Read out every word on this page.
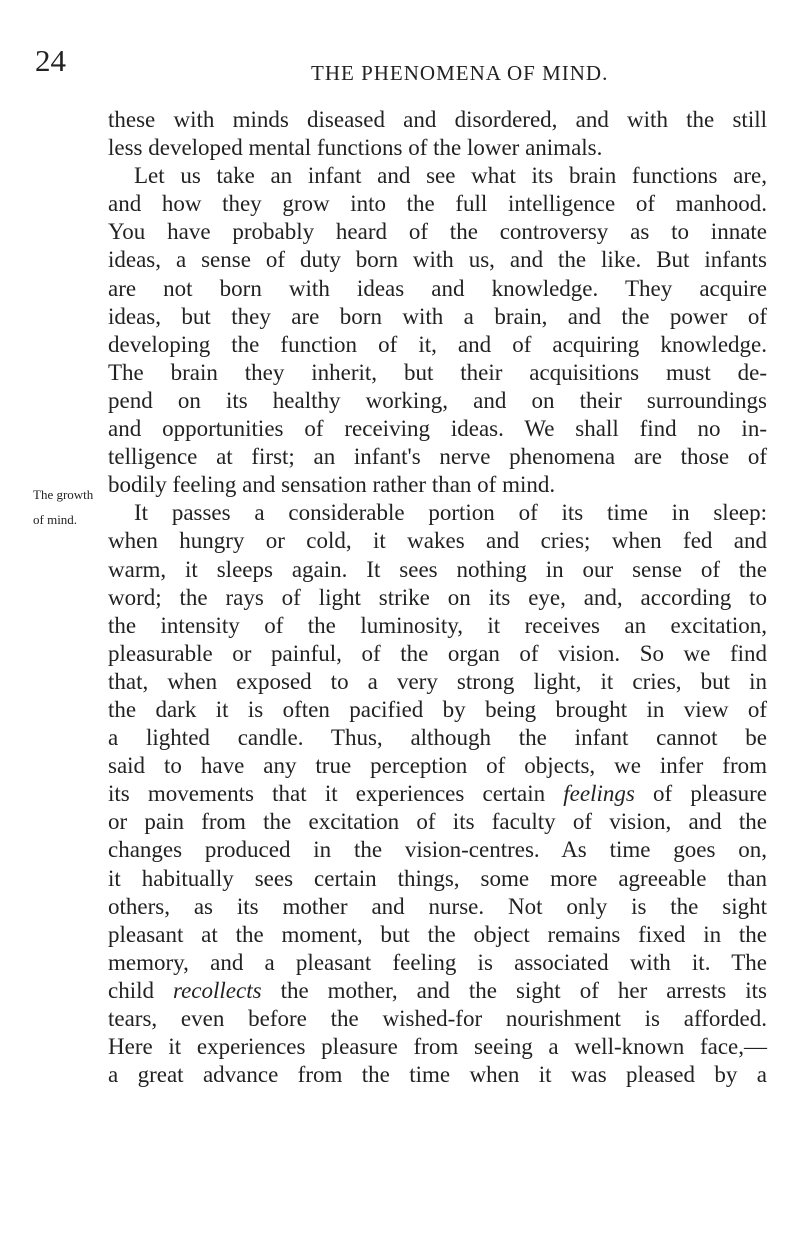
24	THE PHENOMENA OF MIND.
The growth
of mind.
these with minds diseased and disordered, and with the still
less developed mental functions of the lower animals.
Let us take an infant and see what its brain functions are,
and how they grow into the full intelligence of manhood.
You have probably heard of the controversy as to innate
ideas, a sense of duty born with us, and the like. But infants
are not born with ideas and knowledge. They acquire
ideas, but they are born with a brain, and the power of
developing the function of it, and of acquiring knowledge.
The brain they inherit, but their acquisitions must de-
pend on its healthy working, and on their surroundings
and opportunities of receiving ideas. We shall find no in-
telligence at first; an infant's nerve phenomena are those of
bodily feeling and sensation rather than of mind.
It passes a considerable portion of its time in sleep:
when hungry or cold, it wakes and cries; when fed and
warm, it sleeps again. It sees nothing in our sense of the
word; the rays of light strike on its eye, and, according to
the intensity of the luminosity, it receives an excitation,
pleasurable or painful, of the organ of vision. So we find
that, when exposed to a very strong light, it cries, but in
the dark it is often pacified by being brought in view of
a lighted candle. Thus, although the infant cannot be
said to have any true perception of objects, we infer from
its movements that it experiences certain feelings of pleasure
or pain from the excitation of its faculty of vision, and the
changes produced in the vision-centres. As time goes on,
it habitually sees certain things, some more agreeable than
others, as its mother and nurse. Not only is the sight
pleasant at the moment, but the object remains fixed in the
memory, and a pleasant feeling is associated with it. The
child recollects the mother, and the sight of her arrests its
tears, even before the wished-for nourishment is afforded.
Here it experiences pleasure from seeing a well-known face,—
a great advance from the time when it was pleased by a
